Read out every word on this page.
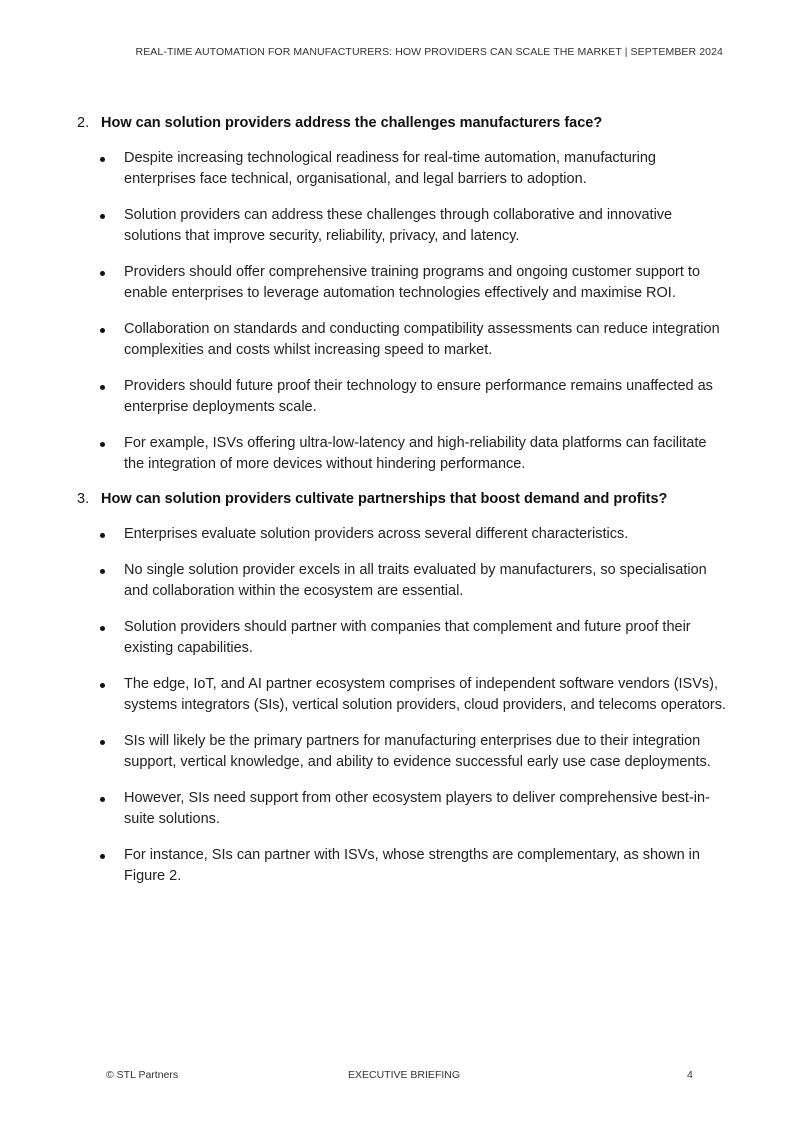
REAL-TIME AUTOMATION FOR MANUFACTURERS: HOW PROVIDERS CAN SCALE THE MARKET | SEPTEMBER 2024
2. How can solution providers address the challenges manufacturers face?
Despite increasing technological readiness for real-time automation, manufacturing enterprises face technical, organisational, and legal barriers to adoption.
Solution providers can address these challenges through collaborative and innovative solutions that improve security, reliability, privacy, and latency.
Providers should offer comprehensive training programs and ongoing customer support to enable enterprises to leverage automation technologies effectively and maximise ROI.
Collaboration on standards and conducting compatibility assessments can reduce integration complexities and costs whilst increasing speed to market.
Providers should future proof their technology to ensure performance remains unaffected as enterprise deployments scale.
For example, ISVs offering ultra-low-latency and high-reliability data platforms can facilitate the integration of more devices without hindering performance.
3. How can solution providers cultivate partnerships that boost demand and profits?
Enterprises evaluate solution providers across several different characteristics.
No single solution provider excels in all traits evaluated by manufacturers, so specialisation and collaboration within the ecosystem are essential.
Solution providers should partner with companies that complement and future proof their existing capabilities.
The edge, IoT, and AI partner ecosystem comprises of independent software vendors (ISVs), systems integrators (SIs), vertical solution providers, cloud providers, and telecoms operators.
SIs will likely be the primary partners for manufacturing enterprises due to their integration support, vertical knowledge, and ability to evidence successful early use case deployments.
However, SIs need support from other ecosystem players to deliver comprehensive best-in-suite solutions.
For instance, SIs can partner with ISVs, whose strengths are complementary, as shown in Figure 2.
© STL Partners	EXECUTIVE BRIEFING	4
